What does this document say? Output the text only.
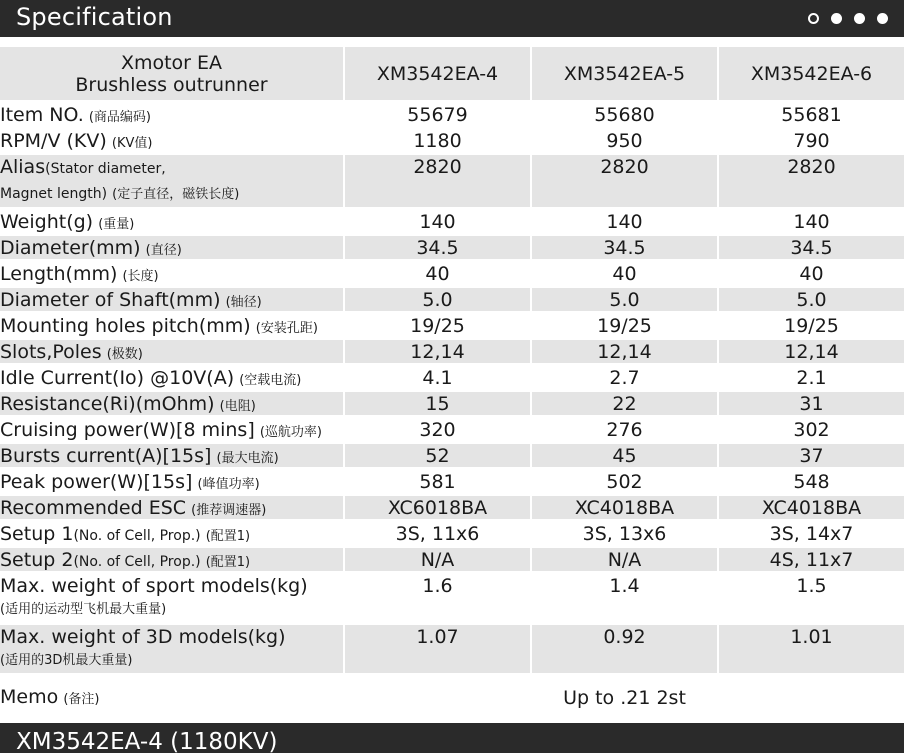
Specification
Xmotor EA
Brushless outrunner	XM3542EA-4	XM3542EA-5	XM3542EA-6
Item NO. (商品编码)	55679	55680	55681
RPM/V (KV) (KV值)	1180	950	790

Alias(Stator diameter,
Magnet length) (定子直径，磁铁长度)	2820	2820	2820
Weight(g) (重量)	140	140	140
Diameter(mm) (直径)	34.5	34.5	34.5
Length(mm) (长度)	40	40	40
Diameter of Shaft(mm) (轴径)	5.0	5.0	5.0
Mounting holes pitch(mm) (安装孔距)	19/25	19/25	19/25
Slots,Poles (极数)	12,14	12,14	12,14
Idle Current(Io) @10V(A) (空载电流)	4.1	2.7	2.1
Resistance(Ri)(mOhm) (电阻)	15	22	31
Cruising power(W)[8 mins] (巡航功率)	320	276	302
Bursts current(A)[15s] (最大电流)	52	45	37
Peak power(W)[15s] (峰值功率)	581	502	548
Recommended ESC (推荐调速器)	XC6018BA	XC4018BA	XC4018BA
Setup 1(No. of Cell, Prop.) (配置1)	3S, 11x6	3S, 13x6	3S, 14x7
Setup 2(No. of Cell, Prop.) (配置1)	N/A	N/A	4S, 11x7

Max. weight of sport models(kg)
(适用的运动型飞机最大重量)	1.6	1.4	1.5

Max. weight of 3D models(kg)
(适用的3D机最大重量)	1.07	0.92	1.01
Memo (备注)	Up to .21 2st		
XM3542EA-4 (1180KV)
